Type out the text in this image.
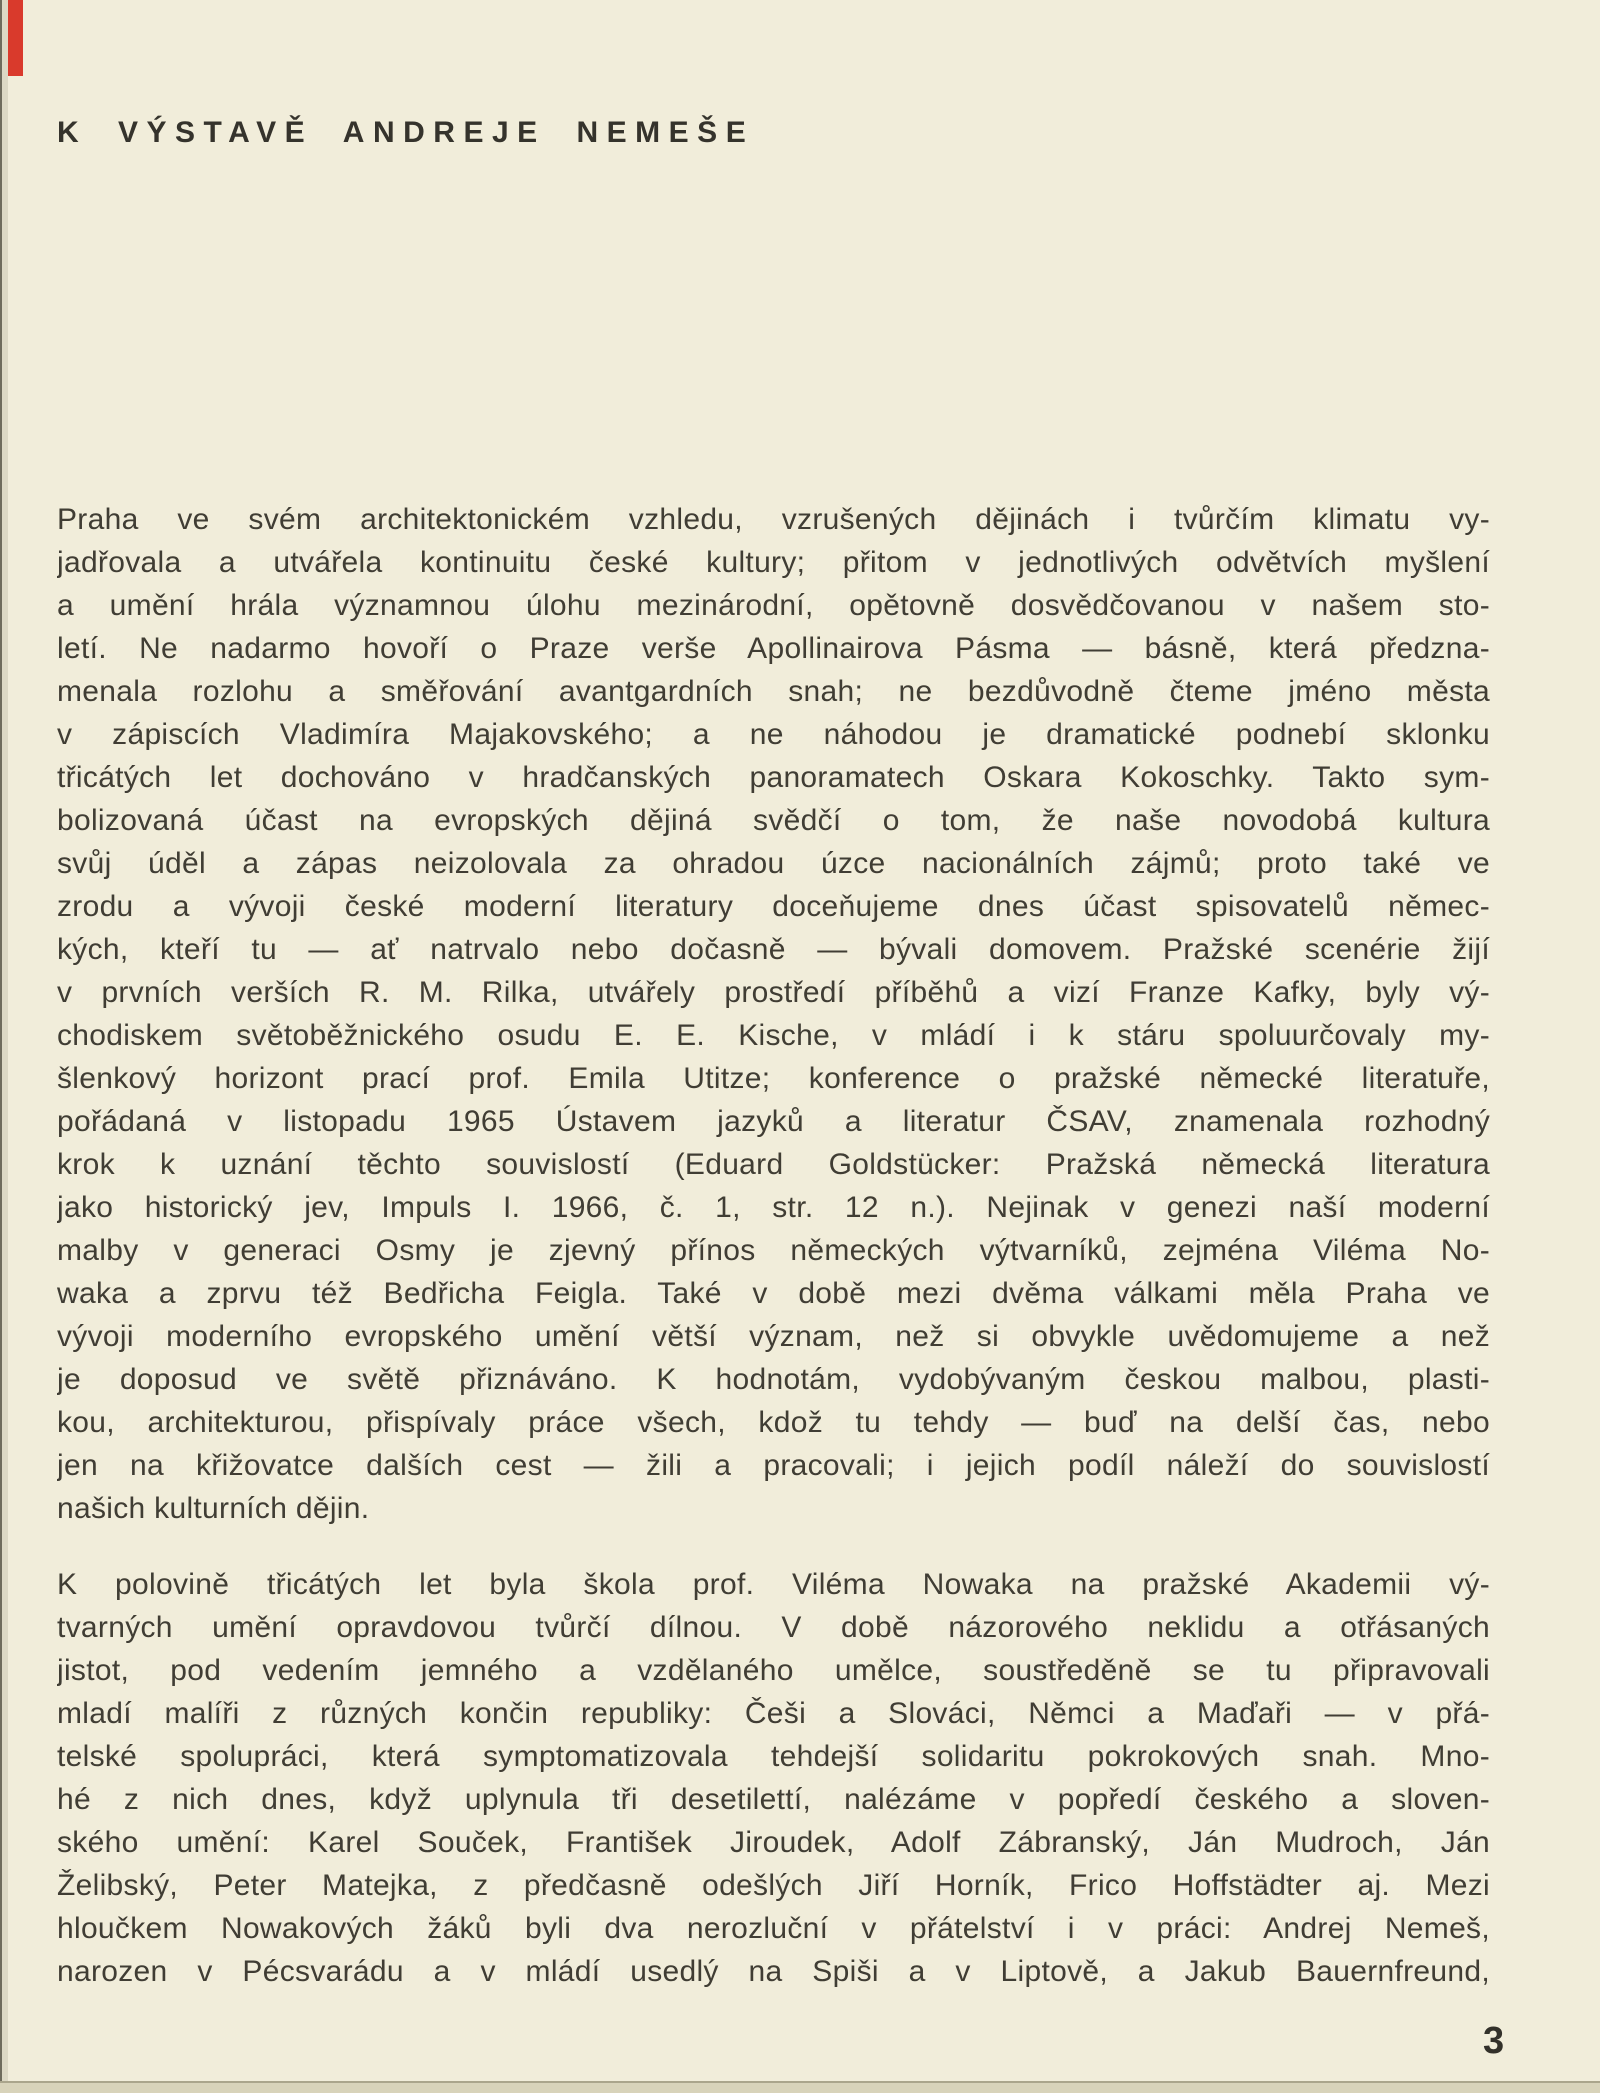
K VÝSTAVĚ ANDREJE NEMEŠE
Praha ve svém architektonickém vzhledu, vzrušených dějinách i tvůrčím klimatu vy-
jadřovala a utvářela kontinuitu české kultury; přitom v jednotlivých odvětvích myšlení
a umění hrála významnou úlohu mezinárodní, opětovně dosvědčovanou v našem sto-
letí. Ne nadarmo hovoří o Praze verše Apollinairova Pásma — básně, která předzna-
menala rozlohu a směřování avantgardních snah; ne bezdůvodně čteme jméno města
v zápiscích Vladimíra Majakovského; a ne náhodou je dramatické podnebí sklonku
třicátých let dochováno v hradčanských panoramatech Oskara Kokoschky. Takto sym-
bolizovaná účast na evropských dějiná svědčí o tom, že naše novodobá kultura
svůj úděl a zápas neizolovala za ohradou úzce nacionálních zájmů; proto také ve
zrodu a vývoji české moderní literatury doceňujeme dnes účast spisovatelů němec-
kých, kteří tu — ať natrvalo nebo dočasně — bývali domovem. Pražské scenérie žijí
v prvních verších R. M. Rilka, utvářely prostředí příběhů a vizí Franze Kafky, byly vý-
chodiskem světoběžnického osudu E. E. Kische, v mládí i k stáru spoluurčovaly my-
šlenkový horizont prací prof. Emila Utitze; konference o pražské německé literatuře,
pořádaná v listopadu 1965 Ústavem jazyků a literatur ČSAV, znamenala rozhodný
krok k uznání těchto souvislostí (Eduard Goldstücker: Pražská německá literatura
jako historický jev, Impuls I. 1966, č. 1, str. 12 n.). Nejinak v genezi naší moderní
malby v generaci Osmy je zjevný přínos německých výtvarníků, zejména Viléma No-
waka a zprvu též Bedřicha Feigla. Také v době mezi dvěma válkami měla Praha ve
vývoji moderního evropského umění větší význam, než si obvykle uvědomujeme a než
je doposud ve světě přiznáváno. K hodnotám, vydobývaným českou malbou, plasti-
kou, architekturou, přispívaly práce všech, kdož tu tehdy — buď na delší čas, nebo
jen na křižovatce dalších cest — žili a pracovali; i jejich podíl náleží do souvislostí
našich kulturních dějin.
K polovině třicátých let byla škola prof. Viléma Nowaka na pražské Akademii vý-
tvarných umění opravdovou tvůrčí dílnou. V době názorového neklidu a otřásaných
jistot, pod vedením jemného a vzdělaného umělce, soustředěně se tu připravovali
mladí malíři z různých končin republiky: Češi a Slováci, Němci a Maďaři — v přá-
telské spolupráci, která symptomatizovala tehdejší solidaritu pokrokových snah. Mno-
hé z nich dnes, když uplynula tři desetilettí, nalézáme v popředí českého a sloven-
ského umění: Karel Souček, František Jiroudek, Adolf Zábranský, Ján Mudroch, Ján
Želibský, Peter Matejka, z předčasně odešlých Jiří Horník, Frico Hoffstädter aj. Mezi
hloučkem Nowakových žáků byli dva nerozluční v přátelství i v práci: Andrej Nemeš,
narozen v Pécsvarádu a v mládí usedlý na Spiši a v Liptově, a Jakub Bauernfreund,
3
